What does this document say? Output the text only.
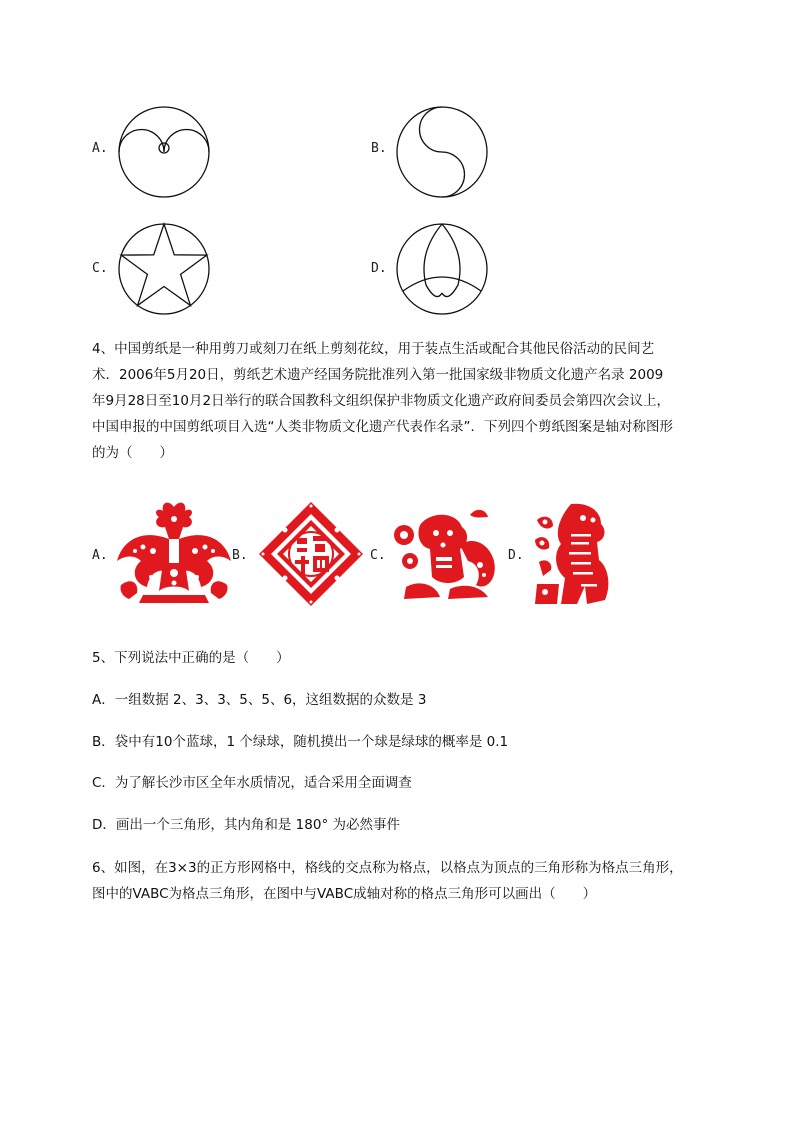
A.	B.
C.	D.
4、中国剪纸是一种用剪刀或刻刀在纸上剪刻花纹，用于装点生活或配合其他民俗活动的民间艺
术．2006年5月20日，剪纸艺术遗产经国务院批准列入第一批国家级非物质文化遗产名录 2009
年9月28日至10月2日举行的联合国教科文组织保护非物质文化遗产政府间委员会第四次会议上，
中国申报的中国剪纸项目入选“人类非物质文化遗产代表作名录”．下列四个剪纸图案是轴对称图形
的为（　　）
A.	B.	C.	D.
5、下列说法中正确的是（　　）
A．一组数据 2、3、3、5、5、6，这组数据的众数是 3
B．袋中有10个蓝球，1 个绿球，随机摸出一个球是绿球的概率是 0.1
C．为了解长沙市区全年水质情况，适合采用全面调查
D．画出一个三角形，其内角和是 180° 为必然事件
6、如图，在3×3的正方形网格中，格线的交点称为格点，以格点为顶点的三角形称为格点三角形，
图中的VABC为格点三角形，在图中与VABC成轴对称的格点三角形可以画出（　　）
